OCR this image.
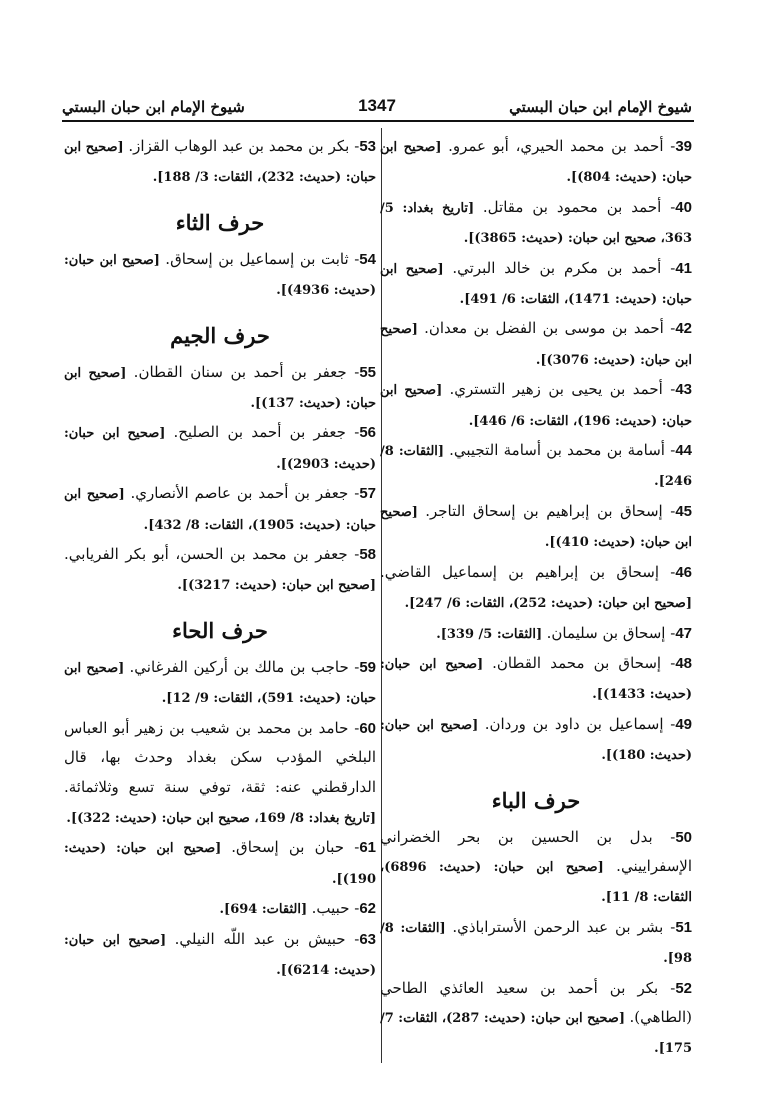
شيوخ الإمام ابن حبان البستي
1347
شيوخ الإمام ابن حبان البستي
39- أحمد بن محمد الحيري، أبو عمرو. [صحيح ابن حبان: (حديث: 804)].
40- أحمد بن محمود بن مقاتل. [تاريخ بغداد: 5/ 363، صحيح ابن حبان: (حديث: 3865)].
41- أحمد بن مكرم بن خالد البرتي. [صحيح ابن حبان: (حديث: 1471)، الثقات: 6/ 491].
42- أحمد بن موسى بن الفضل بن معدان. [صحيح ابن حبان: (حديث: 3076)].
43- أحمد بن يحيى بن زهير التستري. [صحيح ابن حبان: (حديث: 196)، الثقات: 6/ 446].
44- أسامة بن محمد بن أسامة التجيبي. [الثقات: 8/ 246].
45- إسحاق بن إبراهيم بن إسحاق التاجر. [صحيح ابن حبان: (حديث: 410)].
46- إسحاق بن إبراهيم بن إسماعيل القاضي. [صحيح ابن حبان: (حديث: 252)، الثقات: 6/ 247].
47- إسحاق بن سليمان. [الثقات: 5/ 339].
48- إسحاق بن محمد القطان. [صحيح ابن حبان: (حديث: 1433)].
49- إسماعيل بن داود بن وردان. [صحيح ابن حبان: (حديث: 180)].
حرف الباء
50- بدل بن الحسين بن بحر الخضراني الإسفراييني. [صحيح ابن حبان: (حديث: 6896)، الثقات: 8/ 11].
51- بشر بن عبد الرحمن الأستراباذي. [الثقات: 8/ 98].
52- بكر بن أحمد بن سعيد العائذي الطاحي (الطاهي). [صحيح ابن حبان: (حديث: 287)، الثقات: 7/ 175].
53- بكر بن محمد بن عبد الوهاب القزاز. [صحيح ابن حبان: (حديث: 232)، الثقات: 3/ 188].
حرف الثاء
54- ثابت بن إسماعيل بن إسحاق. [صحيح ابن حبان: (حديث: 4936)].
حرف الجيم
55- جعفر بن أحمد بن سنان القطان. [صحيح ابن حبان: (حديث: 137)].
56- جعفر بن أحمد بن الصليح. [صحيح ابن حبان: (حديث: 2903)].
57- جعفر بن أحمد بن عاصم الأنصاري. [صحيح ابن حبان: (حديث: 1905)، الثقات: 8/ 432].
58- جعفر بن محمد بن الحسن، أبو بكر الفريابي. [صحيح ابن حبان: (حديث: 3217)].
حرف الحاء
59- حاجب بن مالك بن أركين الفرغاني. [صحيح ابن حبان: (حديث: 591)، الثقات: 9/ 12].
60- حامد بن محمد بن شعيب بن زهير أبو العباس البلخي المؤدب سكن بغداد وحدث بها، قال الدارقطني عنه: ثقة، توفي سنة تسع وثلاثمائة. [تاريخ بغداد: 8/ 169، صحيح ابن حبان: (حديث: 322)].
61- حبان بن إسحاق. [صحيح ابن حبان: (حديث: 190)].
62- حبيب. [الثقات: 694].
63- حبيش بن عبد اللّه النيلي. [صحيح ابن حبان: (حديث: 6214)].
